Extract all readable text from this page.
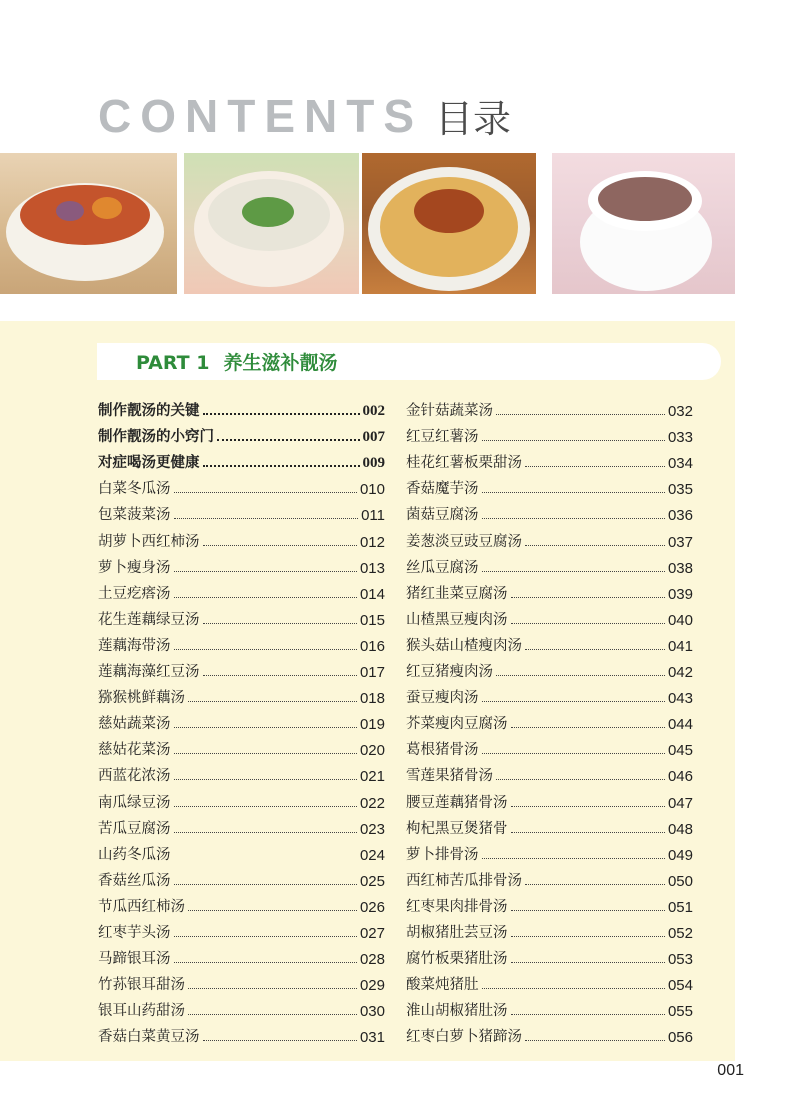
CONTENTS 目录
PART 1 养生滋补靓汤
制作靓汤的关键	002
制作靓汤的小窍门	007
对症喝汤更健康	009
白菜冬瓜汤	010
包菜菠菜汤	011
胡萝卜西红柿汤	012
萝卜瘦身汤	013
土豆疙瘩汤	014
花生莲藕绿豆汤	015
莲藕海带汤	016
莲藕海藻红豆汤	017
猕猴桃鲜藕汤	018
慈姑蔬菜汤	019
慈姑花菜汤	020
西蓝花浓汤	021
南瓜绿豆汤	022
苦瓜豆腐汤	023
山药冬瓜汤	024
香菇丝瓜汤	025
节瓜西红柿汤	026
红枣芋头汤	027
马蹄银耳汤	028
竹荪银耳甜汤	029
银耳山药甜汤	030
香菇白菜黄豆汤	031
金针菇蔬菜汤	032
红豆红薯汤	033
桂花红薯板栗甜汤	034
香菇魔芋汤	035
菌菇豆腐汤	036
姜葱淡豆豉豆腐汤	037
丝瓜豆腐汤	038
猪红韭菜豆腐汤	039
山楂黑豆瘦肉汤	040
猴头菇山楂瘦肉汤	041
红豆猪瘦肉汤	042
蚕豆瘦肉汤	043
芥菜瘦肉豆腐汤	044
葛根猪骨汤	045
雪莲果猪骨汤	046
腰豆莲藕猪骨汤	047
枸杞黑豆煲猪骨	048
萝卜排骨汤	049
西红柿苦瓜排骨汤	050
红枣果肉排骨汤	051
胡椒猪肚芸豆汤	052
腐竹板栗猪肚汤	053
酸菜炖猪肚	054
淮山胡椒猪肚汤	055
红枣白萝卜猪蹄汤	056
001
